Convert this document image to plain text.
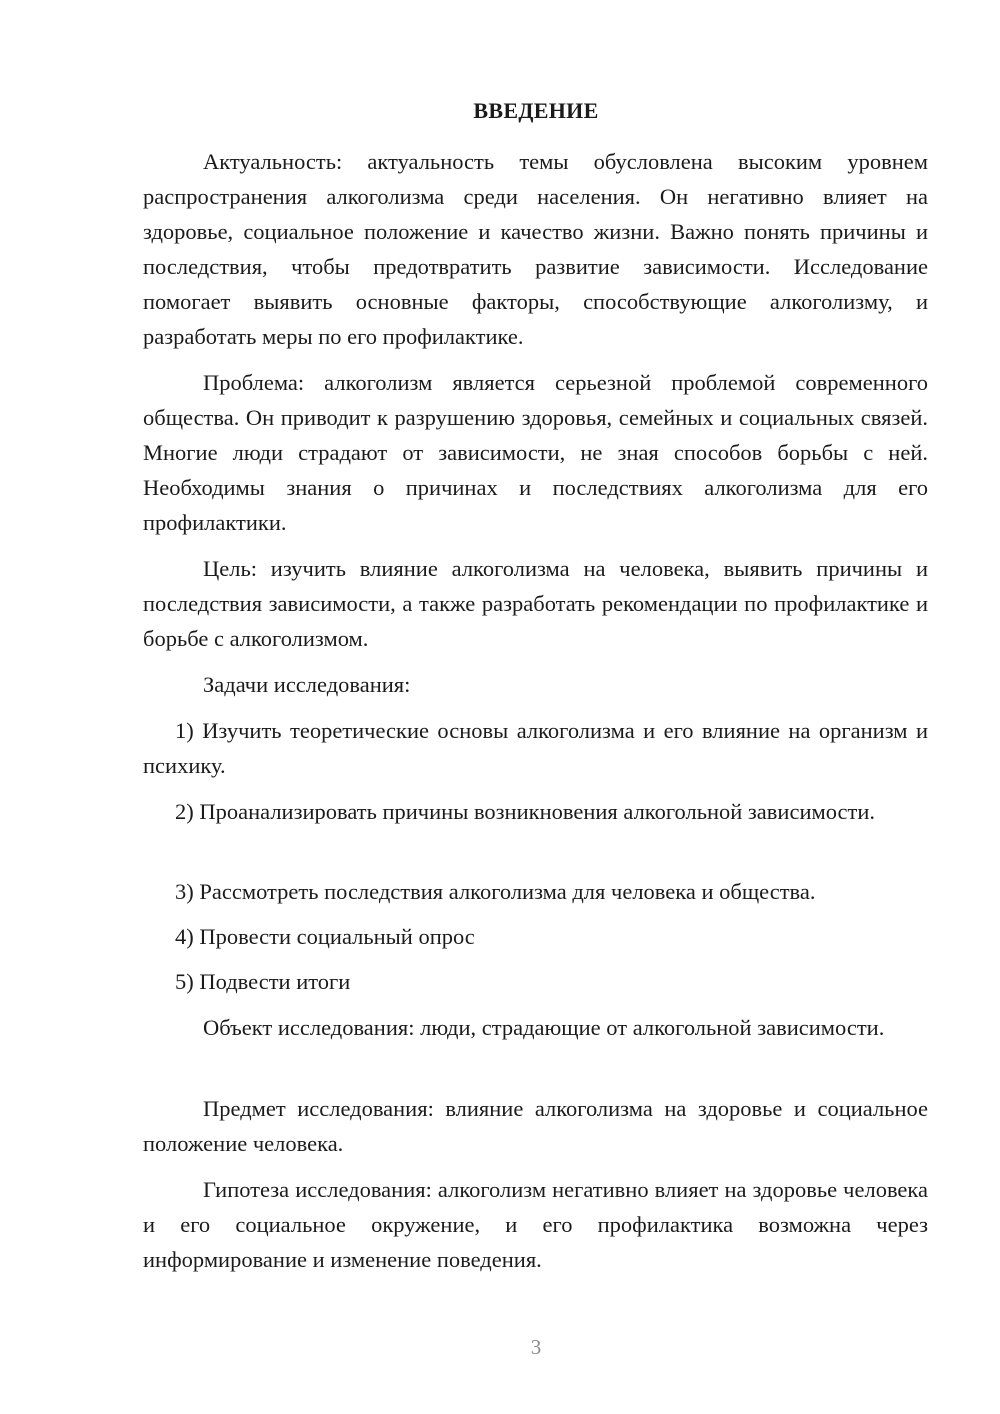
ВВЕДЕНИЕ

Актуальность: актуальность темы обусловлена высоким уровнем распространения алкоголизма среди населения. Он негативно влияет на здоровье, социальное положение и качество жизни. Важно понять причины и последствия, чтобы предотвратить развитие зависимости. Исследование помогает выявить основные факторы, способствующие алкоголизму, и разработать меры по его профилактике.

Проблема: алкоголизм является серьезной проблемой современного общества. Он приводит к разрушению здоровья, семейных и социальных связей. Многие люди страдают от зависимости, не зная способов борьбы с ней. Необходимы знания о причинах и последствиях алкоголизма для его профилактики.

Цель: изучить влияние алкоголизма на человека, выявить причины и последствия зависимости, а также разработать рекомендации по профилактике и борьбе с алкоголизмом.

Задачи исследования:

1) Изучить теоретические основы алкоголизма и его влияние на организм и психику.

2) Проанализировать причины возникновения алкогольной зависимости.

3) Рассмотреть последствия алкоголизма для человека и общества.

4) Провести социальный опрос

5) Подвести итоги

Объект исследования: люди, страдающие от алкогольной зависимости.

Предмет исследования: влияние алкоголизма на здоровье и социальное положение человека.

Гипотеза исследования: алкоголизм негативно влияет на здоровье человека и его социальное окружение, и его профилактика возможна через информирование и изменение поведения.

3
